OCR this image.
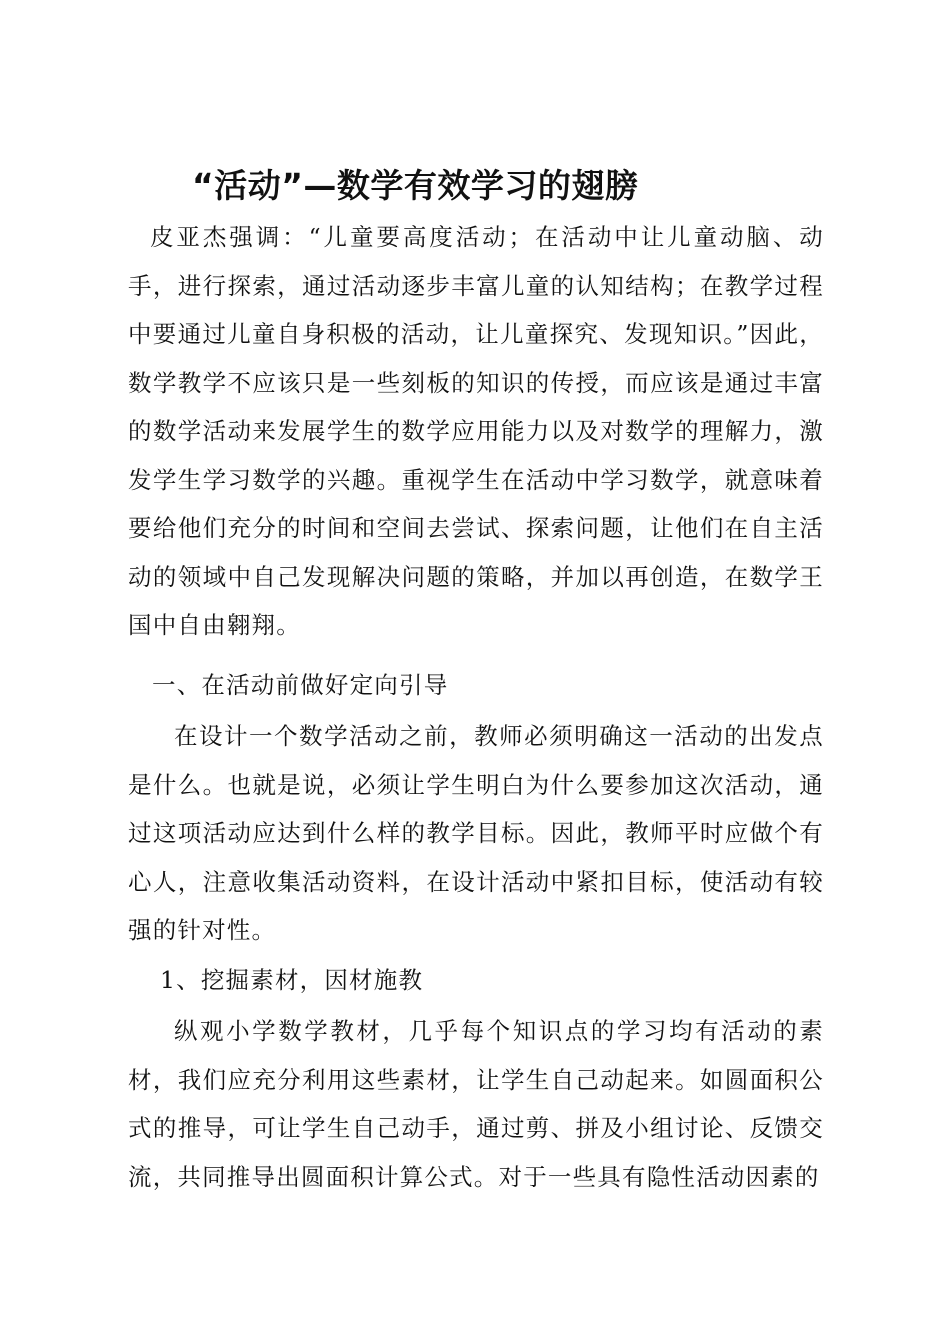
“活动”—数学有效学习的翅膀
皮亚杰强调：“儿童要高度活动；在活动中让儿童动脑、动手，进行探索，通过活动逐步丰富儿童的认知结构；在教学过程中要通过儿童自身积极的活动，让儿童探究、发现知识。”因此，数学教学不应该只是一些刻板的知识的传授，而应该是通过丰富的数学活动来发展学生的数学应用能力以及对数学的理解力，激发学生学习数学的兴趣。重视学生在活动中学习数学，就意味着要给他们充分的时间和空间去尝试、探索问题，让他们在自主活动的领域中自己发现解决问题的策略，并加以再创造，在数学王国中自由翱翔。
一、在活动前做好定向引导
在设计一个数学活动之前，教师必须明确这一活动的出发点是什么。也就是说，必须让学生明白为什么要参加这次活动，通过这项活动应达到什么样的教学目标。因此，教师平时应做个有心人，注意收集活动资料，在设计活动中紧扣目标，使活动有较强的针对性。
1、挖掘素材，因材施教
纵观小学数学教材，几乎每个知识点的学习均有活动的素材，我们应充分利用这些素材，让学生自己动起来。如圆面积公式的推导，可让学生自己动手，通过剪、拼及小组讨论、反馈交流，共同推导出圆面积计算公式。对于一些具有隐性活动因素的
